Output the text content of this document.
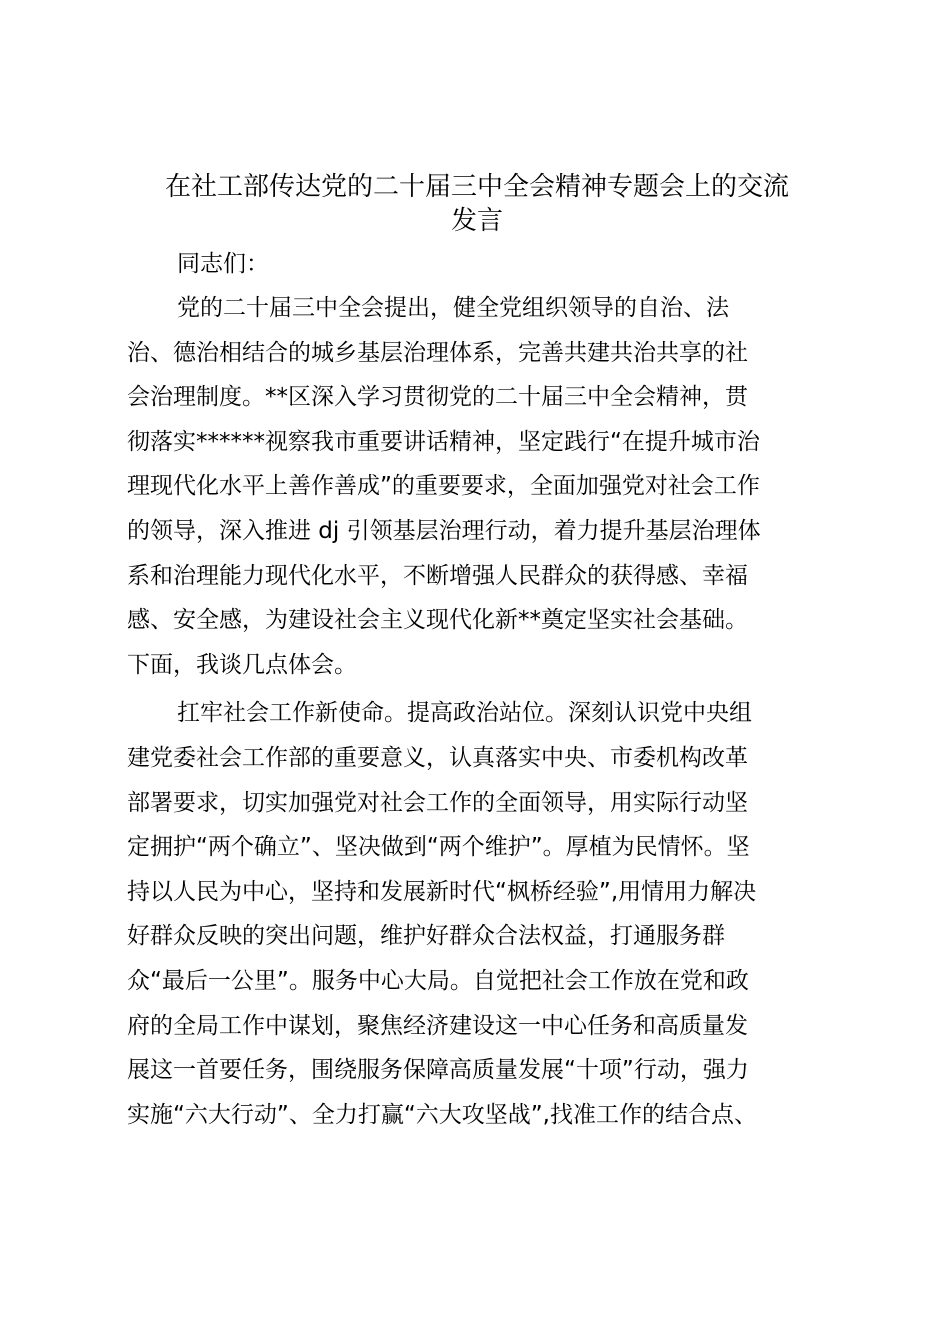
在社工部传达党的二十届三中全会精神专题会上的交流
发言
同志们：
党的二十届三中全会提出，健全党组织领导的自治、法
治、德治相结合的城乡基层治理体系，完善共建共治共享的社
会治理制度。**区深入学习贯彻党的二十届三中全会精神，贯
彻落实******视察我市重要讲话精神，坚定践行“在提升城市治
理现代化水平上善作善成”的重要要求，全面加强党对社会工作
的领导，深入推进 dj 引领基层治理行动，着力提升基层治理体
系和治理能力现代化水平，不断增强人民群众的获得感、幸福
感、安全感，为建设社会主义现代化新**奠定坚实社会基础。
下面，我谈几点体会。
扛牢社会工作新使命。提高政治站位。深刻认识党中央组
建党委社会工作部的重要意义，认真落实中央、市委机构改革
部署要求，切实加强党对社会工作的全面领导，用实际行动坚
定拥护“两个确立”、坚决做到“两个维护”。厚植为民情怀。坚
持以人民为中心，坚持和发展新时代“枫桥经验”,用情用力解决
好群众反映的突出问题，维护好群众合法权益，打通服务群
众“最后一公里”。服务中心大局。自觉把社会工作放在党和政
府的全局工作中谋划，聚焦经济建设这一中心任务和高质量发
展这一首要任务，围绕服务保障高质量发展“十项”行动，强力
实施“六大行动”、全力打赢“六大攻坚战”,找准工作的结合点、
